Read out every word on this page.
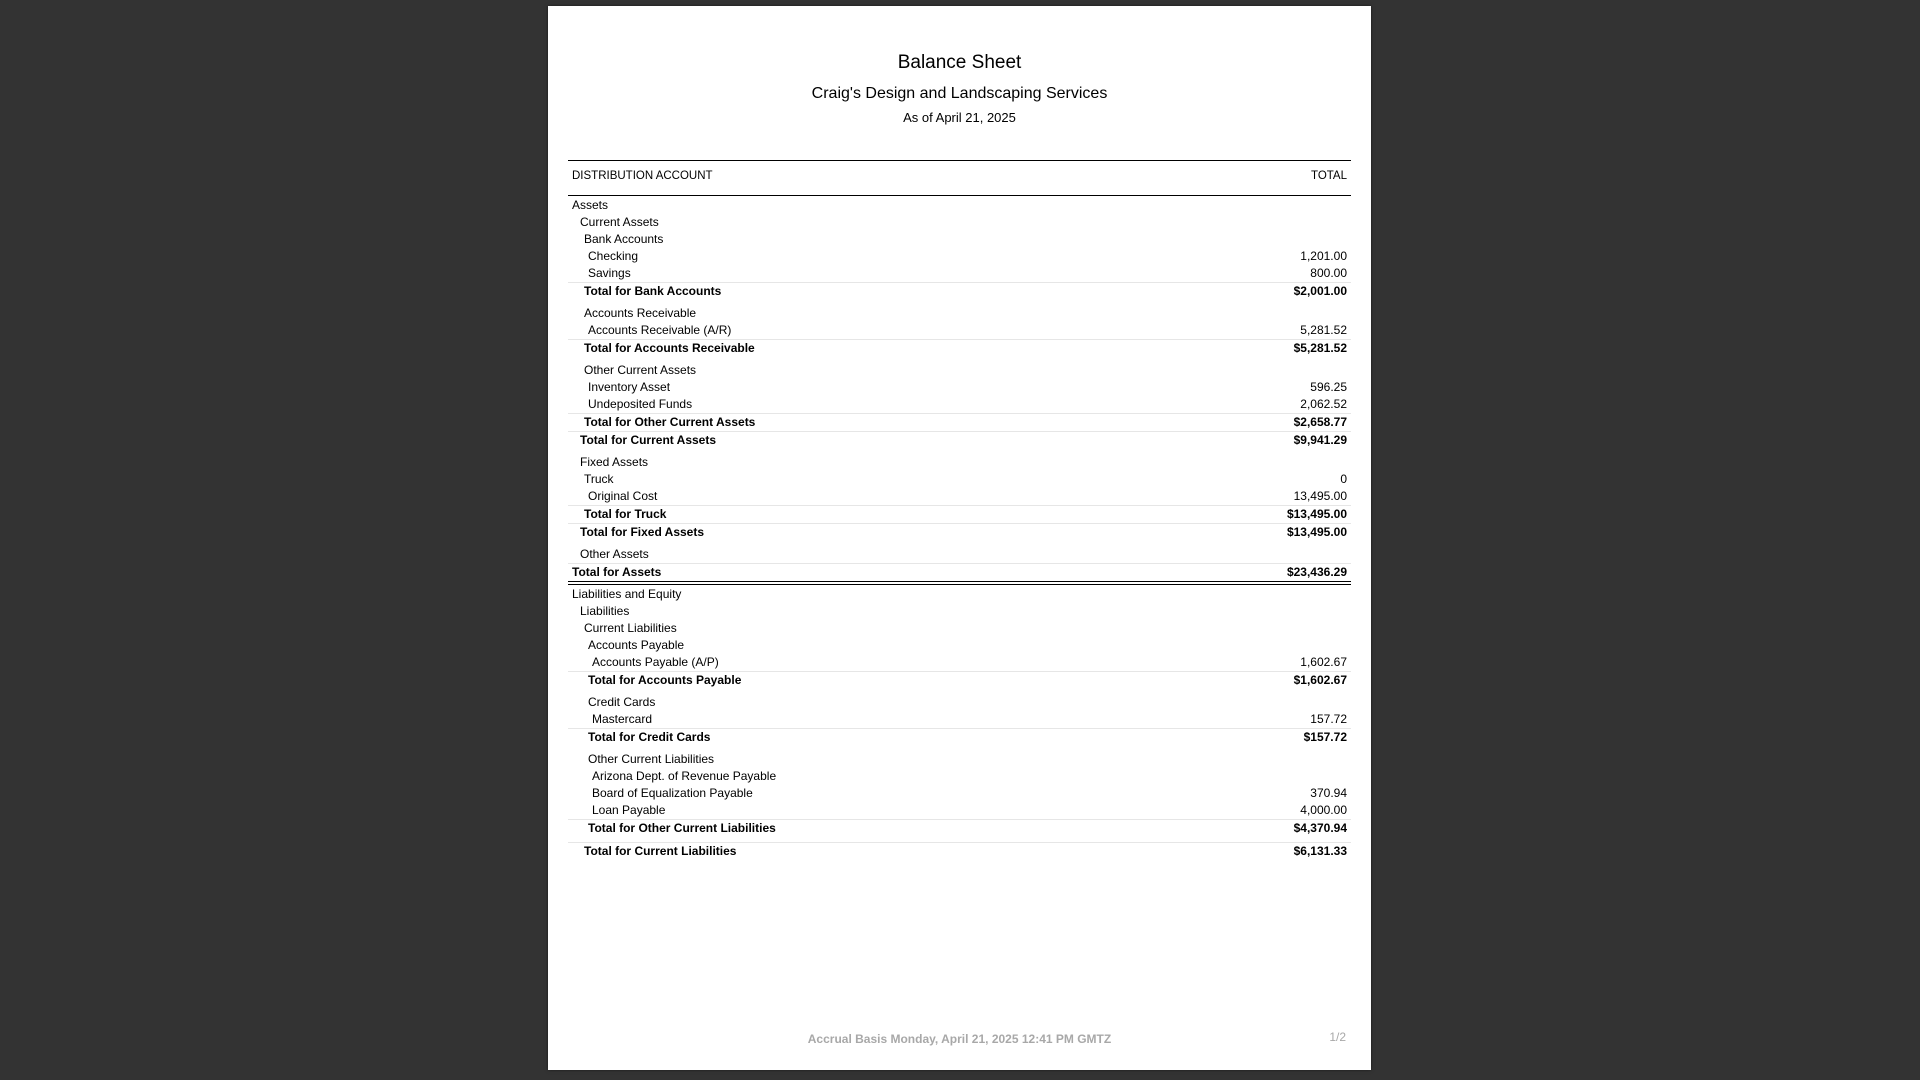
Balance Sheet
Craig's Design and Landscaping Services
As of April 21, 2025
DISTRIBUTION ACCOUNT	TOTAL
Assets
Current Assets
Bank Accounts
Checking	1,201.00
Savings	800.00
Total for Bank Accounts	$2,001.00
Accounts Receivable
Accounts Receivable (A/R)	5,281.52
Total for Accounts Receivable	$5,281.52
Other Current Assets
Inventory Asset	596.25
Undeposited Funds	2,062.52
Total for Other Current Assets	$2,658.77
Total for Current Assets	$9,941.29
Fixed Assets
Truck	0
Original Cost	13,495.00
Total for Truck	$13,495.00
Total for Fixed Assets	$13,495.00
Other Assets
Total for Assets	$23,436.29
Liabilities and Equity
Liabilities
Current Liabilities
Accounts Payable
Accounts Payable (A/P)	1,602.67
Total for Accounts Payable	$1,602.67
Credit Cards
Mastercard	157.72
Total for Credit Cards	$157.72
Other Current Liabilities
Arizona Dept. of Revenue Payable
Board of Equalization Payable	370.94
Loan Payable	4,000.00
Total for Other Current Liabilities	$4,370.94
Total for Current Liabilities	$6,131.33
Accrual Basis Monday, April 21, 2025 12:41 PM GMTZ	1/2
